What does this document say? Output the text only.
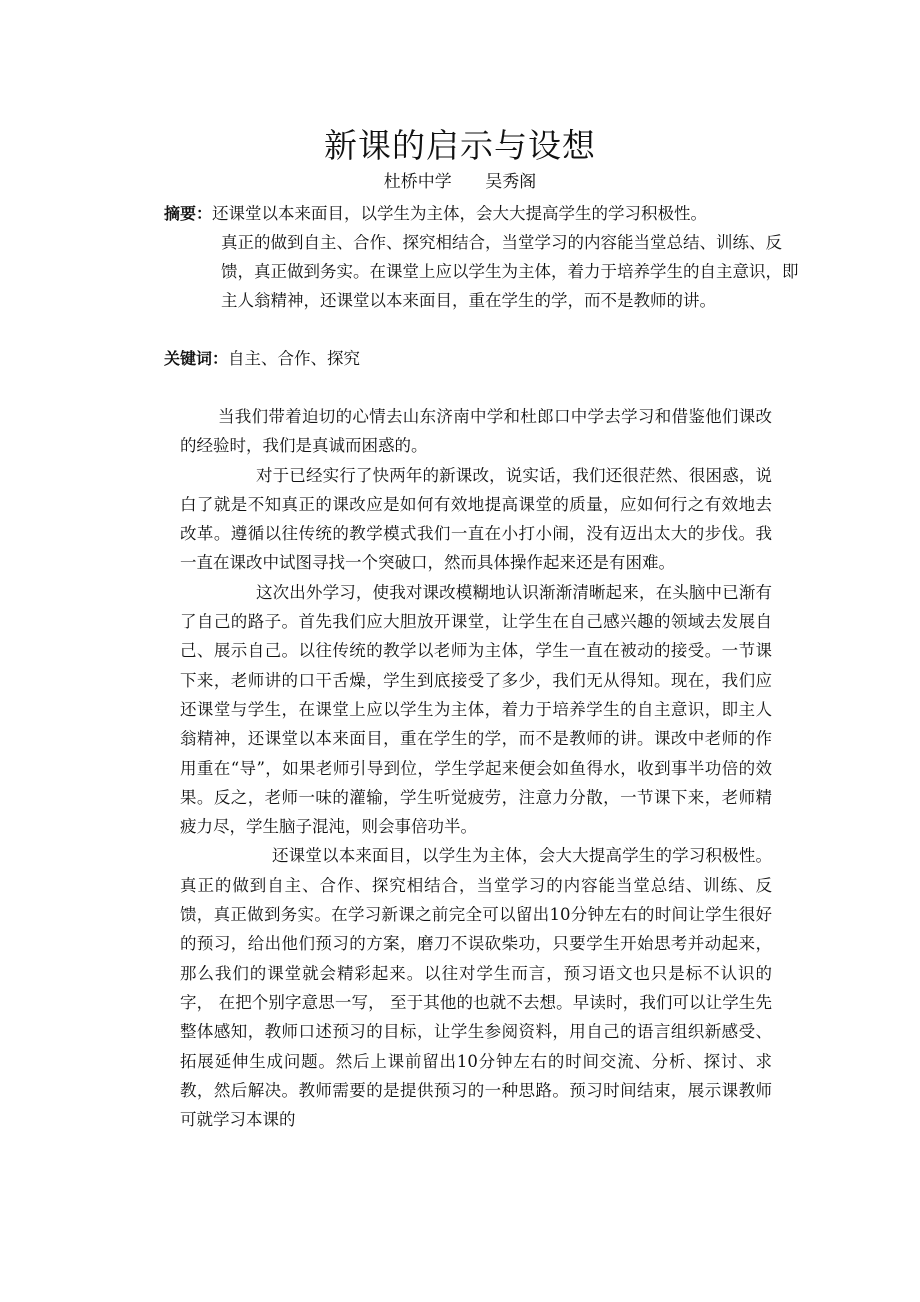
新课的启示与设想
杜桥中学 吴秀阁
摘要：还课堂以本来面目，以学生为主体，会大大提高学生的学习积极性。
真正的做到自主、合作、探究相结合，当堂学习的内容能当堂总结、训练、反馈，真正做到务实。在课堂上应以学生为主体，着力于培养学生的自主意识，即主人翁精神，还课堂以本来面目，重在学生的学，而不是教师的讲。
关键词：自主、合作、探究

当我们带着迫切的心情去山东济南中学和杜郎口中学去学习和借鉴他们课改的经验时，我们是真诚而困惑的。

对于已经实行了快两年的新课改，说实话，我们还很茫然、很困惑，说白了就是不知真正的课改应是如何有效地提高课堂的质量，应如何行之有效地去改革。遵循以往传统的教学模式我们一直在小打小闹，没有迈出太大的步伐。我一直在课改中试图寻找一个突破口，然而具体操作起来还是有困难。

这次出外学习，使我对课改模糊地认识渐渐清晰起来，在头脑中已渐有了自己的路子。首先我们应大胆放开课堂，让学生在自己感兴趣的领域去发展自己、展示自己。以往传统的教学以老师为主体，学生一直在被动的接受。一节课下来，老师讲的口干舌燥，学生到底接受了多少，我们无从得知。现在，我们应还课堂与学生，在课堂上应以学生为主体，着力于培养学生的自主意识，即主人翁精神，还课堂以本来面目，重在学生的学，而不是教师的讲。课改中老师的作用重在“导”，如果老师引导到位，学生学起来便会如鱼得水，收到事半功倍的效果。反之，老师一味的灌输，学生听觉疲劳，注意力分散，一节课下来，老师精疲力尽，学生脑子混沌，则会事倍功半。

还课堂以本来面目，以学生为主体，会大大提高学生的学习积极性。真正的做到自主、合作、探究相结合，当堂学习的内容能当堂总结、训练、反馈，真正做到务实。在学习新课之前完全可以留出10分钟左右的时间让学生很好的预习，给出他们预习的方案，磨刀不误砍柴功，只要学生开始思考并动起来，那么我们的课堂就会精彩起来。以往对学生而言，预习语文也只是标不认识的字， 在把个别字意思一写， 至于其他的也就不去想。早读时，我们可以让学生先整体感知，教师口述预习的目标，让学生参阅资料，用自己的语言组织新感受、拓展延伸生成问题。然后上课前留出10分钟左右的时间交流、分析、探讨、求教，然后解决。教师需要的是提供预习的一种思路。预习时间结束，展示课教师可就学习本课的
